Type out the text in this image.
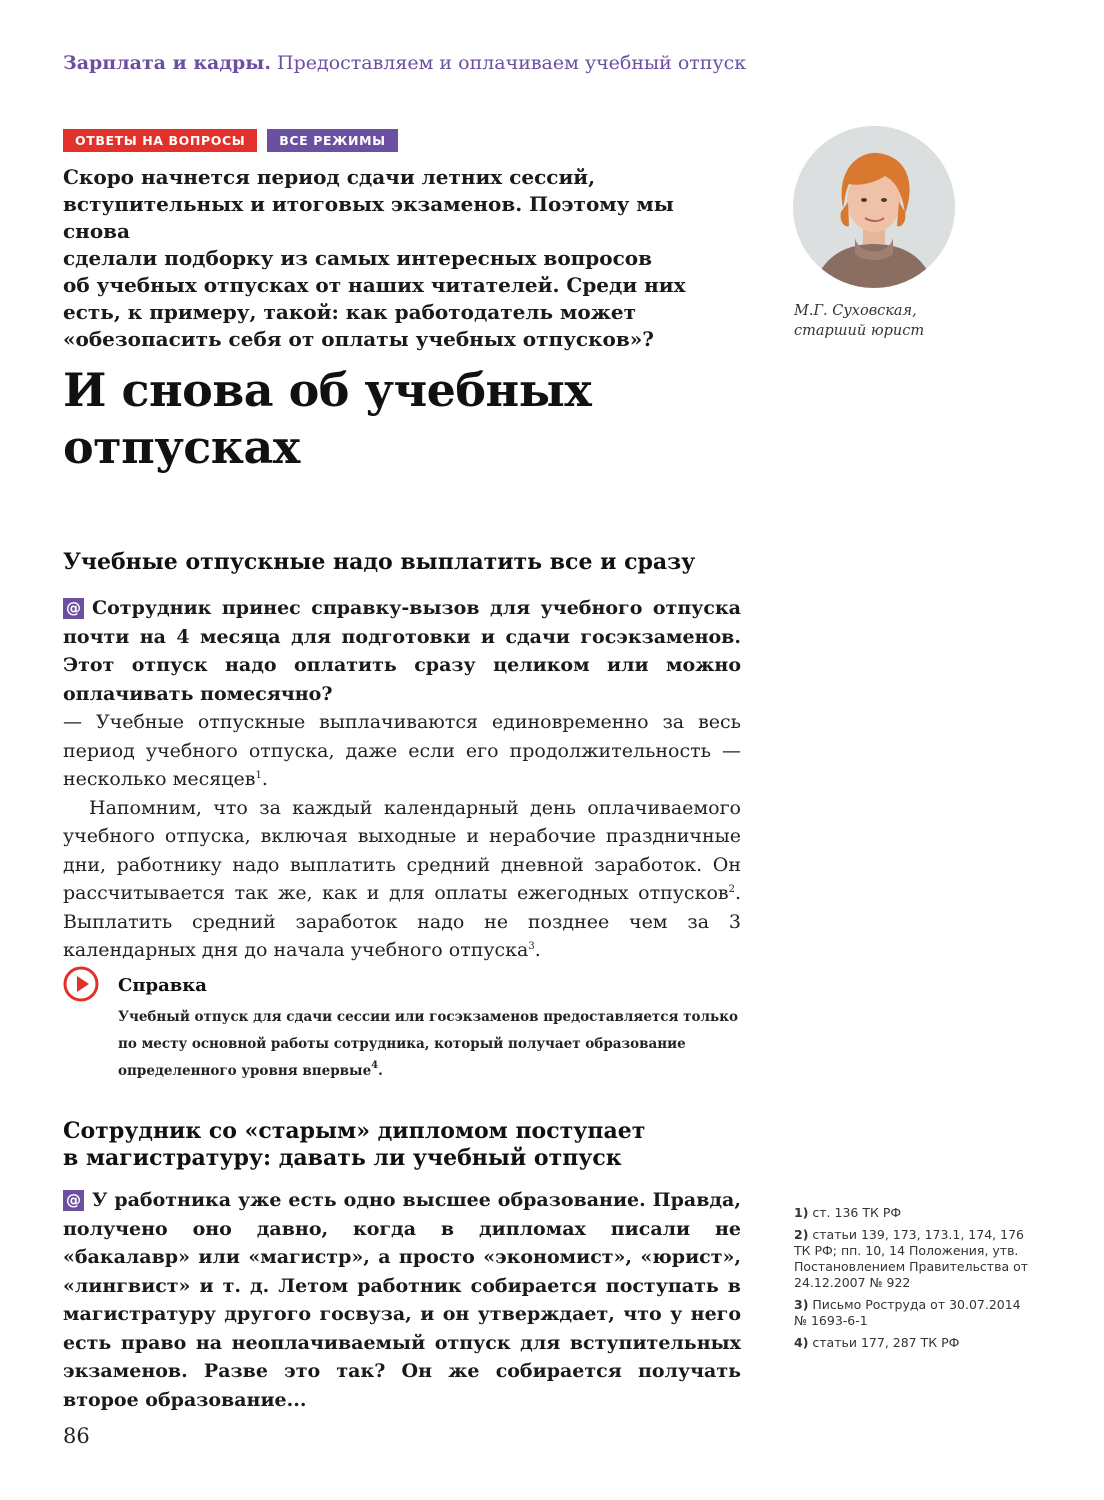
Зарплата и кадры. Предоставляем и оплачиваем учебный отпуск
ОТВЕТЫ НА ВОПРОСЫ	ВСЕ РЕЖИМЫ

Скоро начнется период сдачи летних сессий,

вступительных и итоговых экзаменов. Поэтому мы снова

сделали подборку из самых интересных вопросов

об учебных отпусках от наших читателей. Среди них

есть, к примеру, такой: как работодатель может

«обезопасить себя от оплаты учебных отпусков»?

М.Г. Суховская,
старший юрист
И снова об учебных
отпусках
Учебные отпускные надо выплатить все и сразу

@ Сотрудник принес справку-вызов для учебного отпуска почти на 4 месяца для подготовки и сдачи госэкзаменов. Этот отпуск надо оплатить сразу целиком или можно оплачивать помесячно?

— Учебные отпускные выплачиваются единовременно за весь период учебного отпуска, даже если его продолжительность — несколько месяцев$^1$.

Напомним, что за каждый календарный день оплачиваемого учебного отпуска, включая выходные и нерабочие праздничные дни, работнику надо выплатить средний дневной заработок. Он рассчитывается так же, как и для оплаты ежегодных отпусков$^2$. Выплатить средний заработок надо не позднее чем за 3 календарных дня до начала учебного отпуска$^3$.

Справка
Учебный отпуск для сдачи сессии или госэкзаменов предоставляется только по месту основной работы сотрудника, который получает образование определенного уровня впервые$^4$.
Сотрудник со «старым» дипломом поступает
в магистратуру: давать ли учебный отпуск

@ У работника уже есть одно высшее образование. Правда, получено оно давно, когда в дипломах писали не «бакалавр» или «магистр», а просто «экономист», «юрист», «лингвист» и т. д. Летом работник собирается поступать в магистратуру другого госвуза, и он утверждает, что у него есть право на неоплачиваемый отпуск для вступительных экзаменов. Разве это так? Он же собирается получать второе образование...

1) ст. 136 ТК РФ
2) статьи 139, 173, 173.1, 174, 176 ТК РФ; пп. 10, 14 Положения, утв. Постановлением Правительства от 24.12.2007 № 922
3) Письмо Роструда от 30.07.2014 № 1693-6-1
4) статьи 177, 287 ТК РФ
86
